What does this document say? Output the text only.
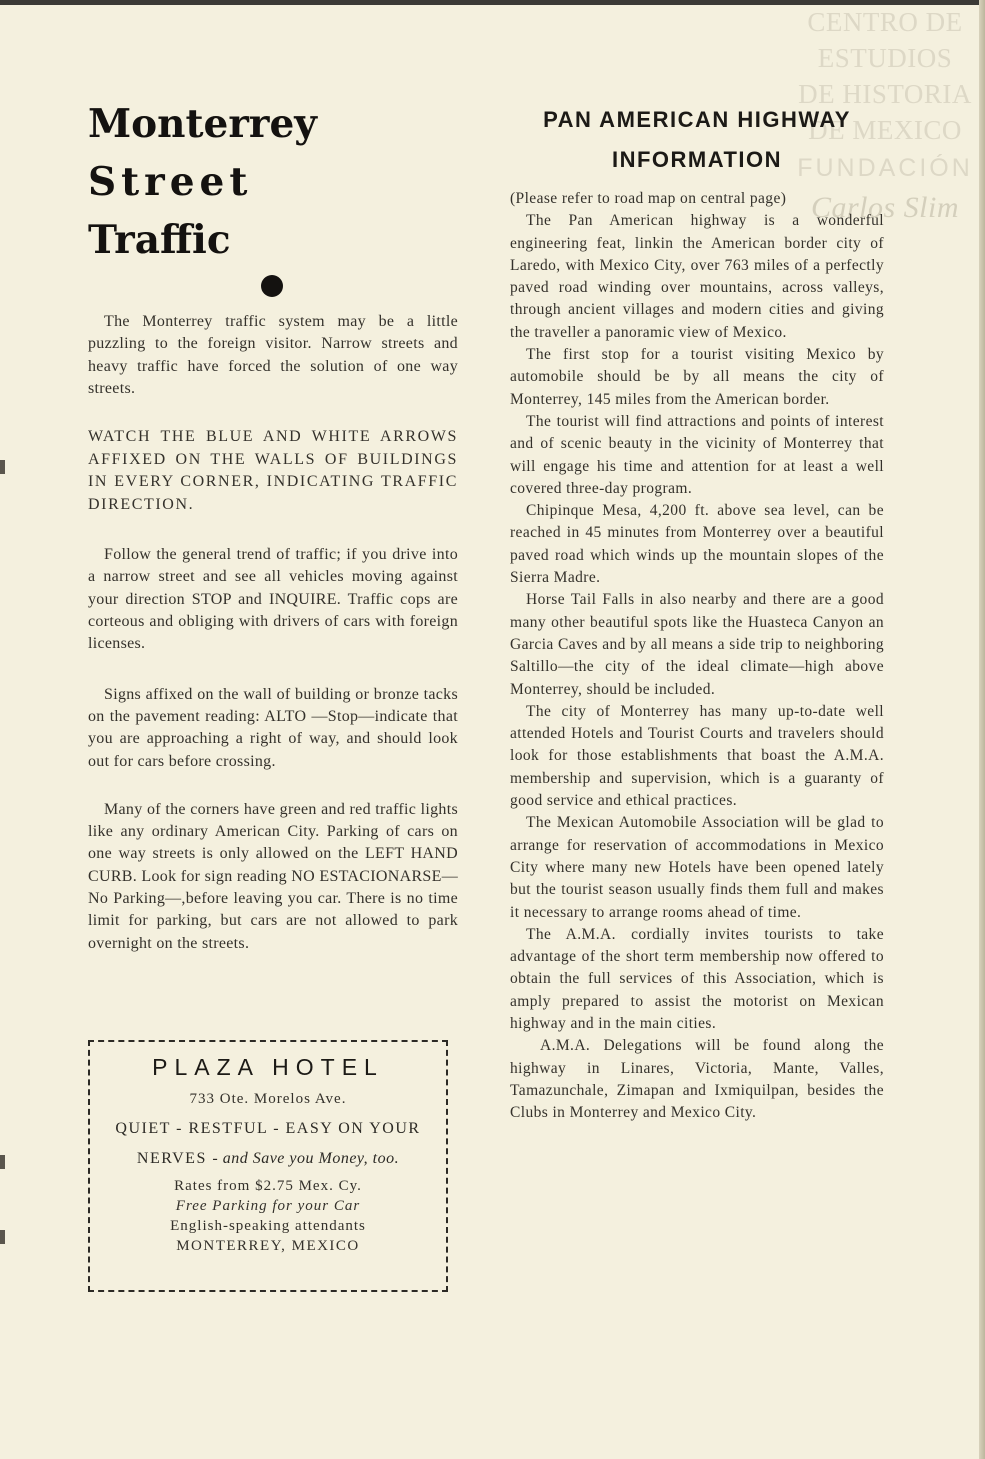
CENTRO DE
ESTUDIOS
DE HISTORIA
DE MEXICO
FUNDACIÓN
Carlos Slim
Monterrey
Street
Traffic

The Monterrey traffic system may be a little puzzling to the foreign visitor. Narrow streets and heavy traffic have forced the solution of one way streets.

WATCH THE BLUE AND WHITE ARROWS AFFIXED ON THE WALLS OF BUILDINGS IN EVERY CORNER, INDICATING TRAFFIC DIRECTION.

Follow the general trend of traffic; if you drive into a narrow street and see all vehicles moving against your direction STOP and INQUIRE. Traffic cops are corteous and obliging with drivers of cars with foreign licenses.

Signs affixed on the wall of building or bronze tacks on the pavement reading: ALTO —Stop—indicate that you are approaching a right of way, and should look out for cars before crossing.

Many of the corners have green and red traffic lights like any ordinary American City. Parking of cars on one way streets is only allowed on the LEFT HAND CURB. Look for sign reading NO ESTACIONARSE—No Parking—,before leaving you car. There is no time limit for parking, but cars are not allowed to park overnight on the streets.

PLAZA HOTEL

733 Ote. Morelos Ave.

QUIET - RESTFUL - EASY ON YOUR

NERVES - and Save you Money, too.

Rates from $2.75 Mex. Cy.

Free Parking for your Car

English-speaking attendants

MONTERREY, MEXICO

PAN AMERICAN HIGHWAY
INFORMATION

(Please refer to road map on central page)

The Pan American highway is a wonderful engineering feat, linkin the American border city of Laredo, with Mexico City, over 763 miles of a perfectly paved road winding over mountains, across valleys, through ancient villages and modern cities and giving the traveller a panoramic view of Mexico.

The first stop for a tourist visiting Mexico by automobile should be by all means the city of Monterrey, 145 miles from the American border.

The tourist will find attractions and points of interest and of scenic beauty in the vicinity of Monterrey that will engage his time and attention for at least a well covered three-day program.

Chipinque Mesa, 4,200 ft. above sea level, can be reached in 45 minutes from Monterrey over a beautiful paved road which winds up the mountain slopes of the Sierra Madre.

Horse Tail Falls in also nearby and there are a good many other beautiful spots like the Huasteca Canyon an Garcia Caves and by all means a side trip to neighboring Saltillo—the city of the ideal climate—high above Monterrey, should be included.

The city of Monterrey has many up-to-date well attended Hotels and Tourist Courts and travelers should look for those establishments that boast the A.M.A. membership and supervision, which is a guaranty of good service and ethical practices.

The Mexican Automobile Association will be glad to arrange for reservation of accommodations in Mexico City where many new Hotels have been opened lately but the tourist season usually finds them full and makes it necessary to arrange rooms ahead of time.

The A.M.A. cordially invites tourists to take advantage of the short term membership now offered to obtain the full services of this Association, which is amply prepared to assist the motorist on Mexican highway and in the main cities.

A.M.A. Delegations will be found along the highway in Linares, Victoria, Mante, Valles, Tamazunchale, Zimapan and Ixmiquilpan, besides the Clubs in Monterrey and Mexico City.
